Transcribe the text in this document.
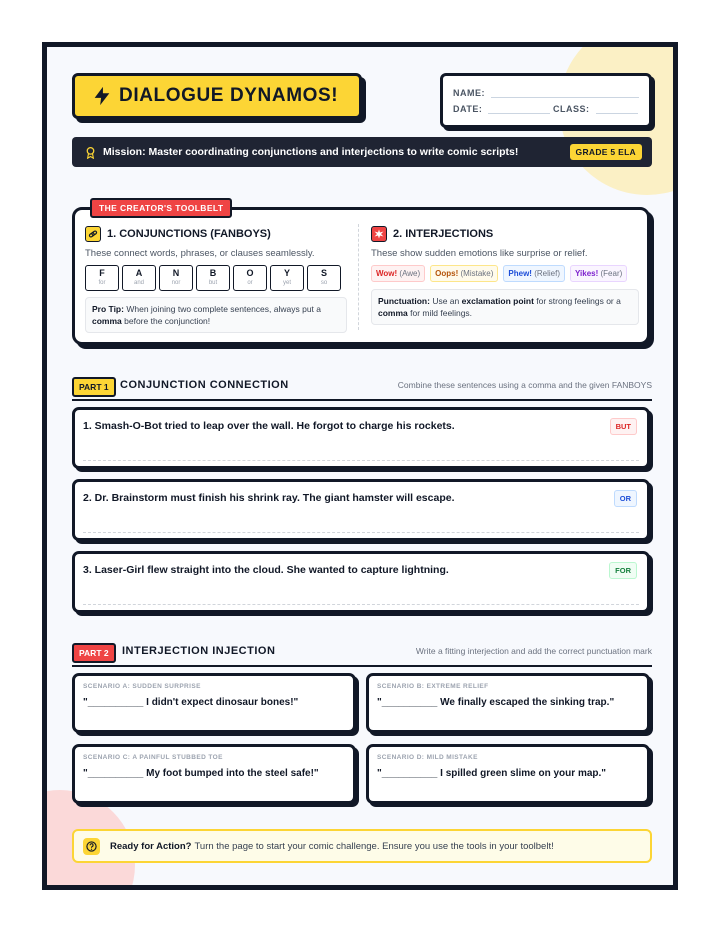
DIALOGUE DYNAMOS!	NAME:
DATE:	CLASS:
Mission: Master coordinating conjunctions and interjections to write comic scripts!	GRADE 5 ELA
THE CREATOR'S TOOLBELT
1. CONJUNCTIONS (FANBOYS)
These connect words, phrases, or clauses seamlessly.
F
for
A
and
N
nor
B
but
O
or
Y
yet
S
so
Pro Tip: When joining two complete sentences, always put a comma before the conjunction!
2. INTERJECTIONS
These show sudden emotions like surprise or relief.
Wow! (Awe)	Oops! (Mistake)	Phew! (Relief)	Yikes! (Fear)
Punctuation: Use an exclamation point for strong feelings or a comma for mild feelings.
PART 1	CONJUNCTION CONNECTION	Combine these sentences using a comma and the given FANBOYS
1. Smash-O-Bot tried to leap over the wall. He forgot to charge his rockets.	BUT
2. Dr. Brainstorm must finish his shrink ray. The giant hamster will escape.	OR
3. Laser-Girl flew straight into the cloud. She wanted to capture lightning.	FOR
PART 2	INTERJECTION INJECTION	Write a fitting interjection and add the correct punctuation mark
SCENARIO A: SUDDEN SURPRISE
"__________ I didn't expect dinosaur bones!"
SCENARIO B: EXTREME RELIEF
"__________ We finally escaped the sinking trap."
SCENARIO C: A PAINFUL STUBBED TOE
"__________ My foot bumped into the steel safe!"
SCENARIO D: MILD MISTAKE
"__________ I spilled green slime on your map."
Ready for Action? Turn the page to start your comic challenge. Ensure you use the tools in your toolbelt!
